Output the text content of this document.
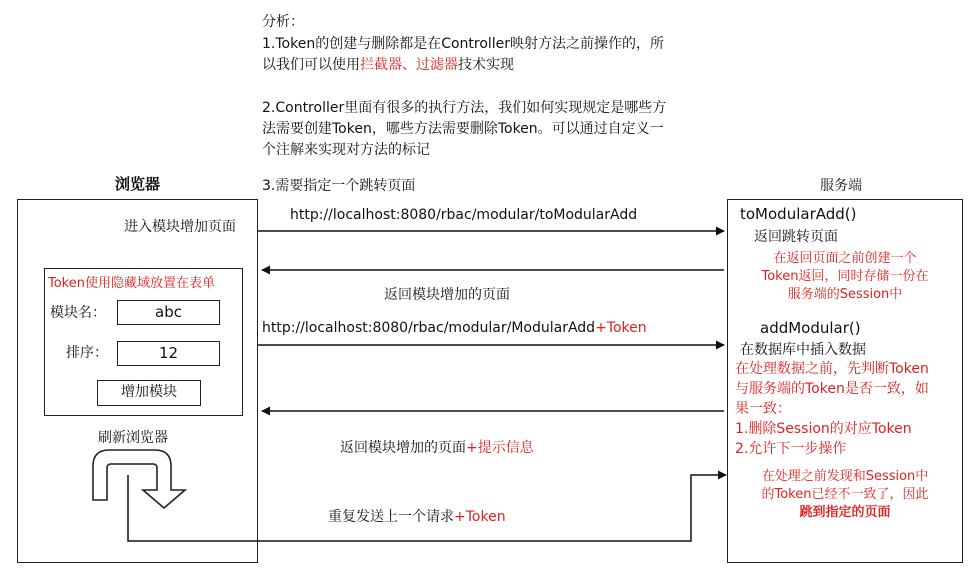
分析：
1.Token的创建与删除都是在Controller映射方法之前操作的，所
以我们可以使用拦截器、过滤器技术实现
2.Controller里面有很多的执行方法，我们如何实现规定是哪些方
法需要创建Token，哪些方法需要删除Token。可以通过自定义一
个注解来实现对方法的标记
3.需要指定一个跳转页面
浏览器
进入模块增加页面
Token使用隐藏域放置在表单
模块名：	abc
排序：	12
增加模块
刷新浏览器
http://localhost:8080/rbac/modular/toModularAdd
返回模块增加的页面
http://localhost:8080/rbac/modular/ModularAdd+Token
返回模块增加的页面+提示信息
重复发送上一个请求+Token
服务端
toModularAdd()
返回跳转页面
在返回页面之前创建一个
Token返回，同时存储一份在
服务端的Session中
addModular()
在数据库中插入数据
在处理数据之前，先判断Token
与服务端的Token是否一致，如
果一致：
1.删除Session的对应Token
2.允许下一步操作
在处理之前发现和Session中
的Token已经不一致了，因此
跳到指定的页面
